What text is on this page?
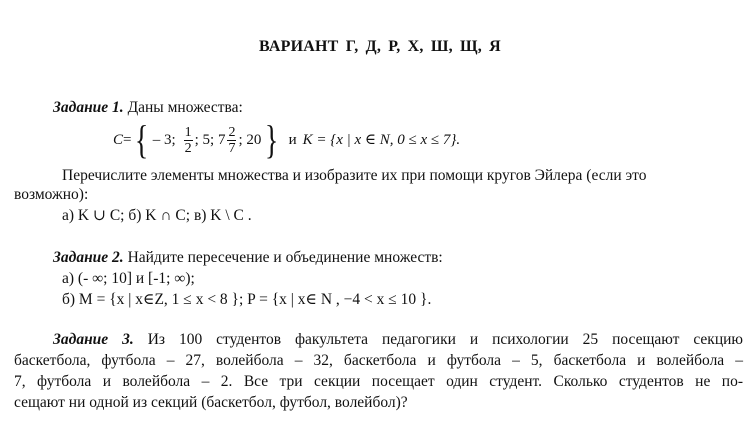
ВАРИАНТ Г, Д, Р, Х, Ш, Щ, Я
Задание 1. Даны множества:
C = { – 3; $\frac{1}{2}$ ; 5; $7 \frac{2}{7}$ ; 20 } и K = {x | x ∈ N, 0 ≤ x ≤ 7}.
Перечислите элементы множества и изобразите их при помощи кругов Эйлера (если это
возможно):
а) K ∪ C; б) K ∩ C; в) K \ C .
Задание 2. Найдите пересечение и объединение множеств:
а) (- ∞; 10] и [-1; ∞);
б) M = {x | x∈Z, 1 ≤ x < 8 }; P = {x | x∈ N , −4 < x ≤ 10 }.
Задание 3. Из 100 студентов факультета педагогики и психологии 25 посещают секцию
баскетбола, футбола – 27, волейбола – 32, баскетбола и футбола – 5, баскетбола и волейбола –
7, футбола и волейбола – 2. Все три секции посещает один студент. Сколько студентов не по-
сещают ни одной из секций (баскетбол, футбол, волейбол)?
